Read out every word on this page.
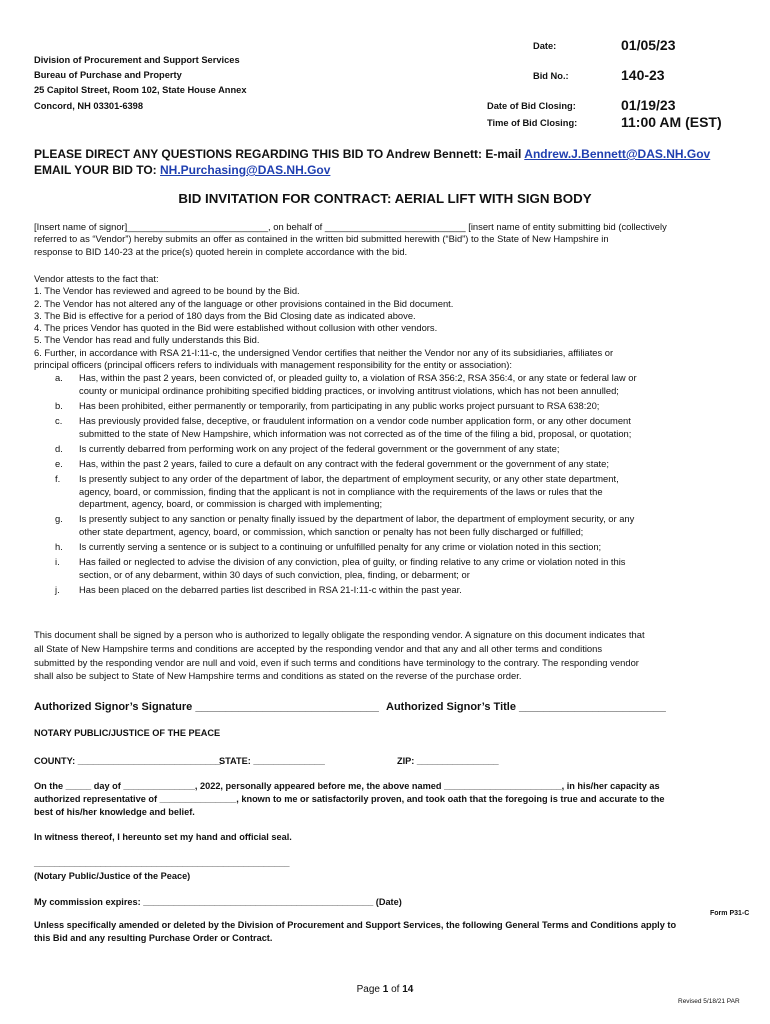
Division of Procurement and Support Services
Bureau of Purchase and Property
25 Capitol Street, Room 102, State House Annex
Concord, NH 03301-6398
Date:	01/05/23
Bid No.:	140-23
Date of Bid Closing:	01/19/23
Time of Bid Closing:	11:00 AM (EST)
PLEASE DIRECT ANY QUESTIONS REGARDING THIS BID TO Andrew Bennett: E-mail Andrew.J.Bennett@DAS.NH.Gov
EMAIL YOUR BID TO: NH.Purchasing@DAS.NH.Gov
BID INVITATION FOR CONTRACT: AERIAL LIFT WITH SIGN BODY
[Insert name of signor]___________________________, on behalf of ___________________________ [insert name of entity submitting bid (collectively
referred to as “Vendor”) hereby submits an offer as contained in the written bid submitted herewith (“Bid”) to the State of New Hampshire in
response to BID 140-23 at the price(s) quoted herein in complete accordance with the bid.
Vendor attests to the fact that:
1. The Vendor has reviewed and agreed to be bound by the Bid.
2. The Vendor has not altered any of the language or other provisions contained in the Bid document.
3. The Bid is effective for a period of 180 days from the Bid Closing date as indicated above.
4. The prices Vendor has quoted in the Bid were established without collusion with other vendors.
5. The Vendor has read and fully understands this Bid.
6. Further, in accordance with RSA 21-I:11-c, the undersigned Vendor certifies that neither the Vendor nor any of its subsidiaries, affiliates or
principal officers (principal officers refers to individuals with management responsibility for the entity or association):
a. Has, within the past 2 years, been convicted of, or pleaded guilty to, a violation of RSA 356:2, RSA 356:4, or any state or federal law or
county or municipal ordinance prohibiting specified bidding practices, or involving antitrust violations, which has not been annulled;
b. Has been prohibited, either permanently or temporarily, from participating in any public works project pursuant to RSA 638:20;
c. Has previously provided false, deceptive, or fraudulent information on a vendor code number application form, or any other document
submitted to the state of New Hampshire, which information was not corrected as of the time of the filing a bid, proposal, or quotation;
d. Is currently debarred from performing work on any project of the federal government or the government of any state;
e. Has, within the past 2 years, failed to cure a default on any contract with the federal government or the government of any state;
f. Is presently subject to any order of the department of labor, the department of employment security, or any other state department,
agency, board, or commission, finding that the applicant is not in compliance with the requirements of the laws or rules that the
department, agency, board, or commission is charged with implementing;
g. Is presently subject to any sanction or penalty finally issued by the department of labor, the department of employment security, or any
other state department, agency, board, or commission, which sanction or penalty has not been fully discharged or fulfilled;
h. Is currently serving a sentence or is subject to a continuing or unfulfilled penalty for any crime or violation noted in this section;
i. Has failed or neglected to advise the division of any conviction, plea of guilty, or finding relative to any crime or violation noted in this
section, or of any debarment, within 30 days of such conviction, plea, finding, or debarment; or
j. Has been placed on the debarred parties list described in RSA 21-I:11-c within the past year.
This document shall be signed by a person who is authorized to legally obligate the responding vendor. A signature on this document indicates that
all State of New Hampshire terms and conditions are accepted by the responding vendor and that any and all other terms and conditions
submitted by the responding vendor are null and void, even if such terms and conditions have terminology to the contrary. The responding vendor
shall also be subject to State of New Hampshire terms and conditions as stated on the reverse of the purchase order.
Authorized Signor’s Signature ______________________________ Authorized Signor’s Title ________________________
NOTARY PUBLIC/JUSTICE OF THE PEACE
COUNTY: ____________________________
STATE: ______________	ZIP: ________________
On the _____ day of ______________, 2022, personally appeared before me, the above named _______________________, in his/her capacity as
authorized representative of _______________, known to me or satisfactorily proven, and took oath that the foregoing is true and accurate to the
best of his/her knowledge and belief.
In witness thereof, I hereunto set my hand and official seal.
__________________________________________________
(Notary Public/Justice of the Peace)
My commission expires: _____________________________________________ (Date)
Form P31-C
Unless specifically amended or deleted by the Division of Procurement and Support Services, the following General Terms and Conditions apply to
this Bid and any resulting Purchase Order or Contract.
Page 1 of 14
Revised 5/18/21 PAR
